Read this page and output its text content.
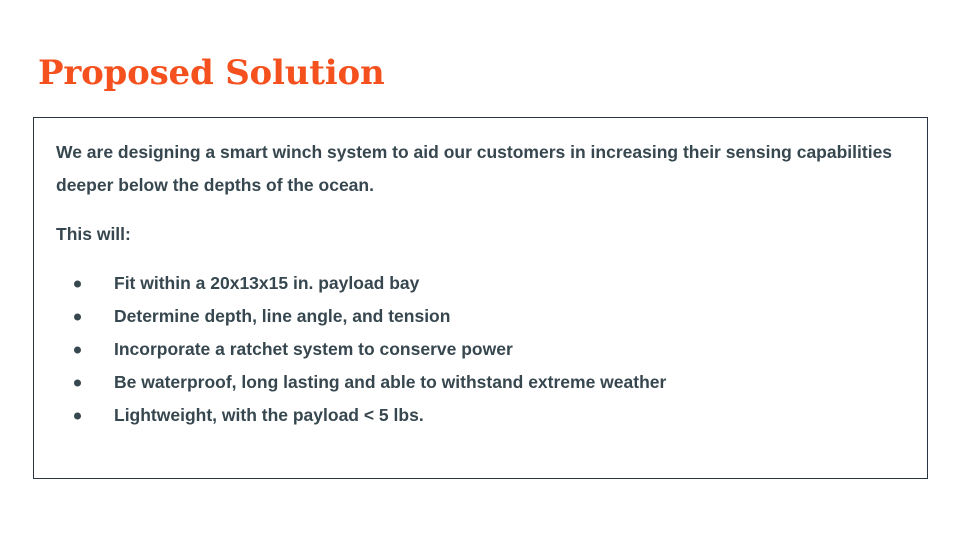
Proposed Solution

We are designing a smart winch system to aid our customers in increasing their sensing capabilities deeper below the depths of the ocean.

This will:

Fit within a 20x13x15 in. payload bay
Determine depth, line angle, and tension
Incorporate a ratchet system to conserve power
Be waterproof, long lasting and able to withstand extreme weather
Lightweight, with the payload < 5 lbs.
